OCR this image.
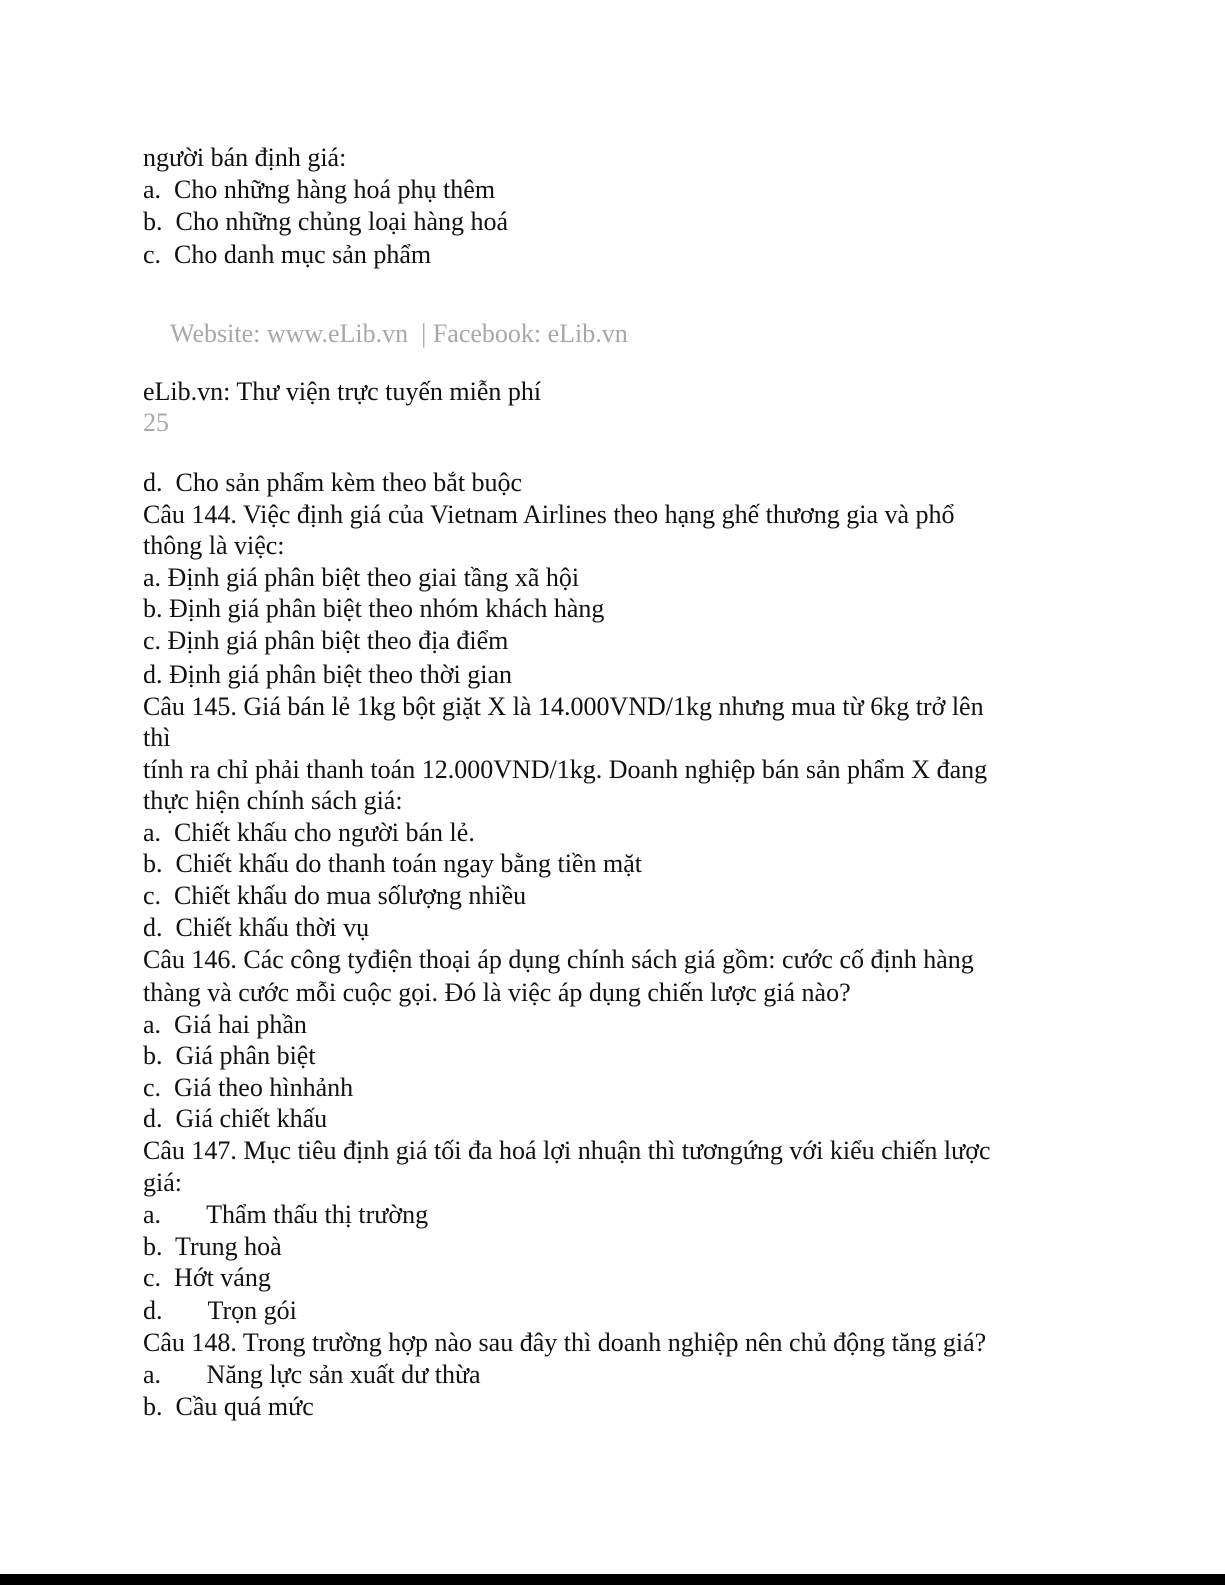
người bán định giá:
a.  Cho những hàng hoá phụ thêm
b.  Cho những chủng loại hàng hoá
c.  Cho danh mục sản phẩm
Website: www.eLib.vn  | Facebook: eLib.vn
eLib.vn: Thư viện trực tuyến miễn phí
25
d.  Cho sản phẩm kèm theo bắt buộc
Câu 144. Việc định giá của Vietnam Airlines theo hạng ghế thương gia và phổ
thông là việc:
a. Định giá phân biệt theo giai tầng xã hội
b. Định giá phân biệt theo nhóm khách hàng
c. Định giá phân biệt theo địa điểm
d. Định giá phân biệt theo thời gian
Câu 145. Giá bán lẻ 1kg bột giặt X là 14.000VND/1kg nhưng mua từ 6kg trở lên
thì
tính ra chỉ phải thanh toán 12.000VND/1kg. Doanh nghiệp bán sản phẩm X đang
thực hiện chính sách giá:
a.  Chiết khấu cho người bán lẻ.
b.  Chiết khấu do thanh toán ngay bằng tiền mặt
c.  Chiết khấu do mua sốlượng nhiều
d.  Chiết khấu thời vụ
Câu 146. Các công tyđiện thoại áp dụng chính sách giá gồm: cước cố định hàng
thàng và cước mỗi cuộc gọi. Đó là việc áp dụng chiến lược giá nào?
a.  Giá hai phần
b.  Giá phân biệt
c.  Giá theo hìnhảnh
d.  Giá chiết khấu
Câu 147. Mục tiêu định giá tối đa hoá lợi nhuận thì tươngứng với kiểu chiến lược
giá:
a.       Thẩm thấu thị trường
b.  Trung hoà
c.  Hớt váng
d.       Trọn gói
Câu 148. Trong trường hợp nào sau đây thì doanh nghiệp nên chủ động tăng giá?
a.       Năng lực sản xuất dư thừa
b.  Cầu quá mức
